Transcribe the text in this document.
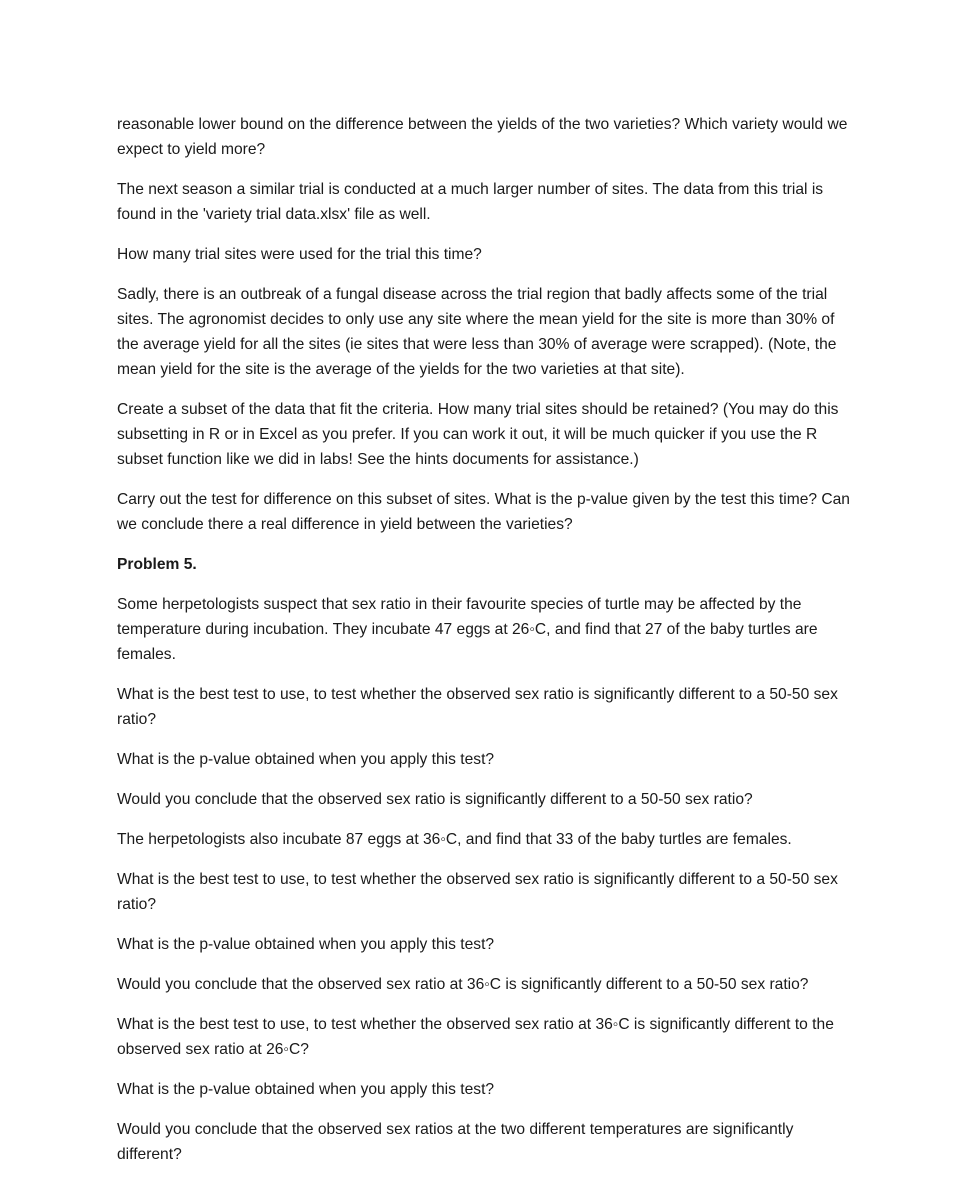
reasonable lower bound on the difference between the yields of the two varieties? Which variety would we expect to yield more?

The next season a similar trial is conducted at a much larger number of sites. The data from this trial is found in the 'variety trial data.xlsx' file as well.

How many trial sites were used for the trial this time?

Sadly, there is an outbreak of a fungal disease across the trial region that badly affects some of the trial sites. The agronomist decides to only use any site where the mean yield for the site is more than 30% of the average yield for all the sites (ie sites that were less than 30% of average were scrapped). (Note, the mean yield for the site is the average of the yields for the two varieties at that site).

Create a subset of the data that fit the criteria. How many trial sites should be retained? (You may do this subsetting in R or in Excel as you prefer. If you can work it out, it will be much quicker if you use the R subset function like we did in labs! See the hints documents for assistance.)

Carry out the test for difference on this subset of sites. What is the p-value given by the test this time? Can we conclude there a real difference in yield between the varieties?

Problem 5.

Some herpetologists suspect that sex ratio in their favourite species of turtle may be affected by the temperature during incubation. They incubate 47 eggs at 26◦C, and find that 27 of the baby turtles are females.

What is the best test to use, to test whether the observed sex ratio is significantly different to a 50-50 sex ratio?

What is the p-value obtained when you apply this test?

Would you conclude that the observed sex ratio is significantly different to a 50-50 sex ratio?

The herpetologists also incubate 87 eggs at 36◦C, and find that 33 of the baby turtles are females.

What is the best test to use, to test whether the observed sex ratio is significantly different to a 50-50 sex ratio?

What is the p-value obtained when you apply this test?

Would you conclude that the observed sex ratio at 36◦C is significantly different to a 50-50 sex ratio?

What is the best test to use, to test whether the observed sex ratio at 36◦C is significantly different to the observed sex ratio at 26◦C?

What is the p-value obtained when you apply this test?

Would you conclude that the observed sex ratios at the two different temperatures are significantly different?
